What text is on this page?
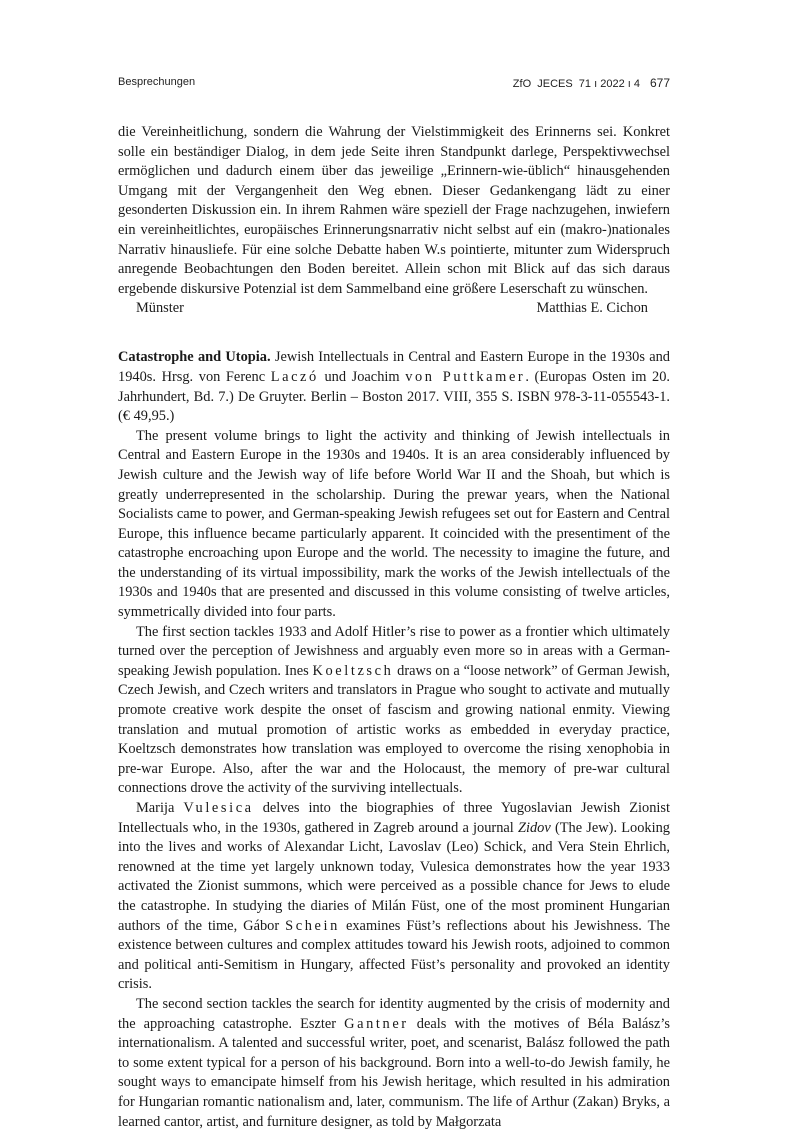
Besprechungen	ZfO  JECES  71 ı 2022 ı 4 677

die Vereinheitlichung, sondern die Wahrung der Vielstimmigkeit des Erinnerns sei. Konkret solle ein beständiger Dialog, in dem jede Seite ihren Standpunkt darlege, Perspektivwechsel ermöglichen und dadurch einem über das jeweilige „Erinnern-wie-üblich“ hinausgehenden Umgang mit der Vergangenheit den Weg ebnen. Dieser Gedankengang lädt zu einer gesonderten Diskussion ein. In ihrem Rahmen wäre speziell der Frage nachzugehen, inwiefern ein vereinheitlichtes, europäisches Erinnerungsnarrativ nicht selbst auf ein (makro-)nationales Narrativ hinausliefe. Für eine solche Debatte haben W.s pointierte, mitunter zum Widerspruch anregende Beobachtungen den Boden bereitet. Allein schon mit Blick auf das sich daraus ergebende diskursive Potenzial ist dem Sammelband eine größere Leserschaft zu wünschen.

Münster	Matthias E. Cichon

Catastrophe and Utopia. Jewish Intellectuals in Central and Eastern Europe in the 1930s and 1940s. Hrsg. von Ferenc Laczó und Joachim von Puttkamer. (Europas Osten im 20. Jahrhundert, Bd. 7.) De Gruyter. Berlin – Boston 2017. VIII, 355 S. ISBN 978-3-11-055543-1. (€ 49,95.)

The present volume brings to light the activity and thinking of Jewish intellectuals in Central and Eastern Europe in the 1930s and 1940s. It is an area considerably influenced by Jewish culture and the Jewish way of life before World War II and the Shoah, but which is greatly underrepresented in the scholarship. During the prewar years, when the National Socialists came to power, and German-speaking Jewish refugees set out for Eastern and Central Europe, this influence became particularly apparent. It coincided with the presentiment of the catastrophe encroaching upon Europe and the world. The necessity to imagine the future, and the understanding of its virtual impossibility, mark the works of the Jewish intellectuals of the 1930s and 1940s that are presented and discussed in this volume consisting of twelve articles, symmetrically divided into four parts.

The first section tackles 1933 and Adolf Hitler’s rise to power as a frontier which ultimately turned over the perception of Jewishness and arguably even more so in areas with a German-speaking Jewish population. Ines Koeltzsch draws on a “loose network” of German Jewish, Czech Jewish, and Czech writers and translators in Prague who sought to activate and mutually promote creative work despite the onset of fascism and growing national enmity. Viewing translation and mutual promotion of artistic works as embedded in everyday practice, Koeltzsch demonstrates how translation was employed to overcome the rising xenophobia in pre-war Europe. Also, after the war and the Holocaust, the memory of pre-war cultural connections drove the activity of the surviving intellectuals.

Marija Vulesica delves into the biographies of three Yugoslavian Jewish Zionist Intellectuals who, in the 1930s, gathered in Zagreb around a journal Zidov (The Jew). Looking into the lives and works of Alexandar Licht, Lavoslav (Leo) Schick, and Vera Stein Ehrlich, renowned at the time yet largely unknown today, Vulesica demonstrates how the year 1933 activated the Zionist summons, which were perceived as a possible chance for Jews to elude the catastrophe. In studying the diaries of Milán Füst, one of the most prominent Hungarian authors of the time, Gábor Schein examines Füst’s reflections about his Jewishness. The existence between cultures and complex attitudes toward his Jewish roots, adjoined to common and political anti-Semitism in Hungary, affected Füst’s personality and provoked an identity crisis.

The second section tackles the search for identity augmented by the crisis of modernity and the approaching catastrophe. Eszter Gantner deals with the motives of Béla Balász’s internationalism. A talented and successful writer, poet, and scenarist, Balász followed the path to some extent typical for a person of his background. Born into a well-to-do Jewish family, he sought ways to emancipate himself from his Jewish heritage, which resulted in his admiration for Hungarian romantic nationalism and, later, communism. The life of Arthur (Zakan) Bryks, a learned cantor, artist, and furniture designer, as told by Małgorzata
